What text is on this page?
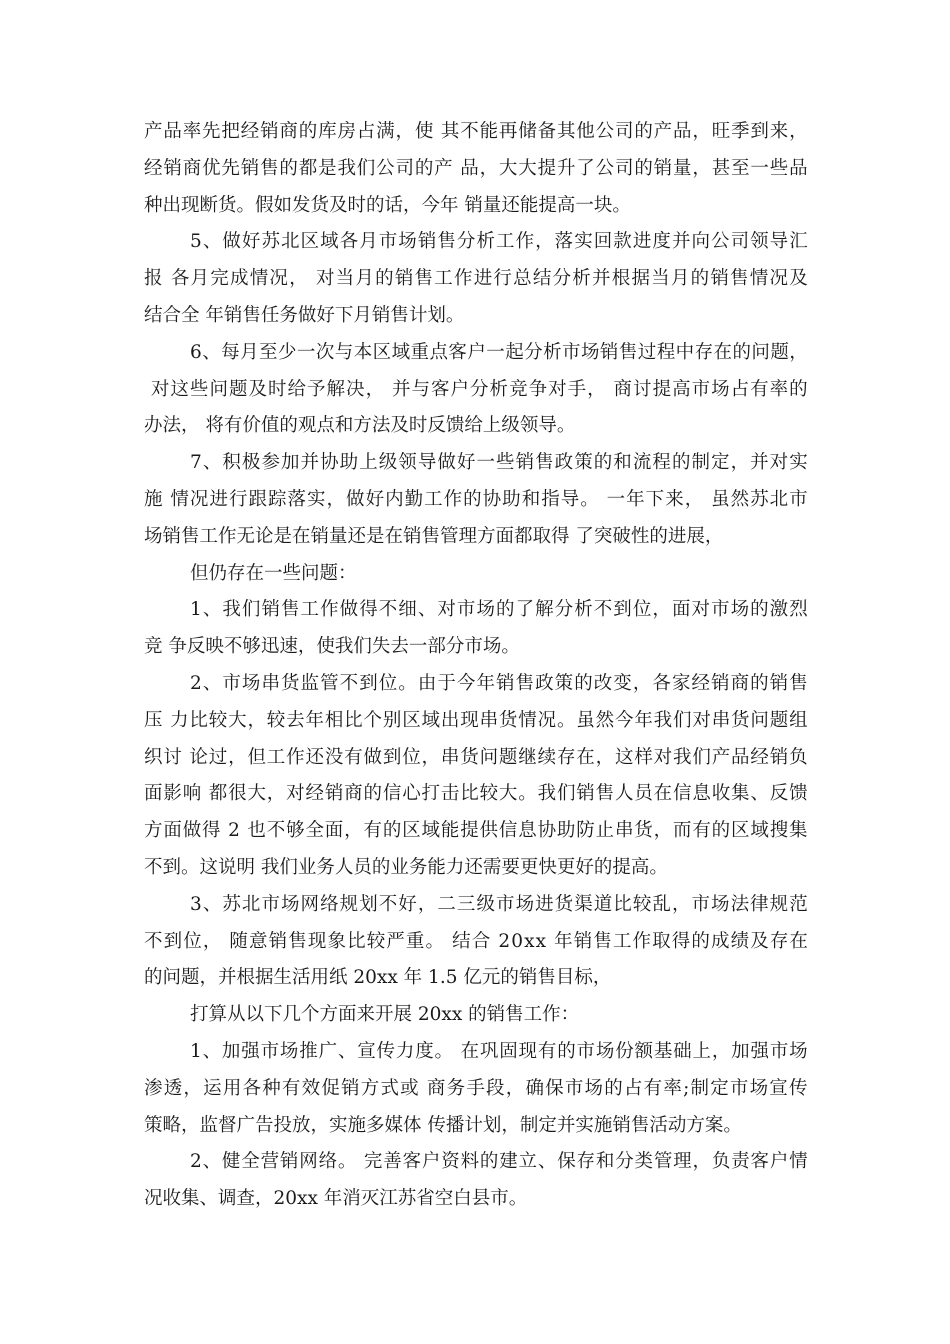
产 品 率 先 把 经 销 商 的 库 房 占 满 ， 使
其 不 能 再 储 备 其 他 公 司 的 产 品 ， 旺 季 到 来 ，
经 销 商 优 先 销 售 的 都 是 我 们 公 司 的 产
品 ， 大 大 提 升 了 公 司 的 销 量 ， 甚 至 一 些 品
种出现断货。假如发货及时的话，今年 销量还能提高一块。
5 、 做 好 苏 北 区 域 各 月 市 场 销 售 分 析 工 作 ， 落 实 回 款 进 度 并 向 公 司 领 导 汇
报
各 月 完 成 情 况 ，
对 当 月 的 销 售 工 作 进 行 总 结 分 析 并 根 据 当 月 的 销 售 情 况 及
结合全 年销售任务做好下月销售计划。
6 、 每 月 至 少 一 次 与 本 区 域 重 点 客 户 一 起 分 析 市 场 销 售 过 程 中 存 在 的 问 题 ，

对 这 些 问 题 及 时 给 予 解 决 ，
并 与 客 户 分 析 竞 争 对 手 ，
商 讨 提 高 市 场 占 有 率 的
办法， 将有价值的观点和方法及时反馈给上级领导。
7 、 积 极 参 加 并 协 助 上 级 领 导 做 好 一 些 销 售 政 策 的 和 流 程 的 制 定 ， 并 对 实
施
情 况 进 行 跟 踪 落 实 ， 做 好 内 勤 工 作 的 协 助 和 指 导 。
一 年 下 来 ，
虽 然 苏 北 市
场销售工作无论是在销量还是在销售管理方面都取得 了突破性的进展，
但仍存在一些问题：
1 、 我 们 销 售 工 作 做 得 不 细 、 对 市 场 的 了 解 分 析 不 到 位 ， 面 对 市 场 的 激 烈
竞 争反映不够迅速，使我们失去一部分市场。
2 、 市 场 串 货 监 管 不 到 位 。 由 于 今 年 销 售 政 策 的 改 变 ， 各 家 经 销 商 的 销 售
压
力 比 较 大 ， 较 去 年 相 比 个 别 区 域 出 现 串 货 情 况 。 虽 然 今 年 我 们 对 串 货 问 题 组
织 讨
论 过 ， 但 工 作 还 没 有 做 到 位 ， 串 货 问 题 继 续 存 在 ， 这 样 对 我 们 产 品 经 销 负
面 影 响
都 很 大 ， 对 经 销 商 的 信 心 打 击 比 较 大 。 我 们 销 售 人 员 在 信 息 收 集 、 反 馈
方 面 做 得
2
也 不 够 全 面 ， 有 的 区 域 能 提 供 信 息 协 助 防 止 串 货 ， 而 有 的 区 域 搜 集
不到。这说明 我们业务人员的业务能力还需要更快更好的提高。
3 、 苏 北 市 场 网 络 规 划 不 好 ， 二 三 级 市 场 进 货 渠 道 比 较 乱 ， 市 场 法 律 规 范
不 到 位 ，
随 意 销 售 现 象 比 较 严 重 。
结 合
2 0 x x
年 销 售 工 作 取 得 的 成 绩 及 存 在
的问题，并根据生活用纸 20xx 年 1.5 亿元的销售目标，
打算从以下几个方面来开展 20xx 的销售工作：
1 、 加 强 市 场 推 广 、 宣 传 力 度 。
在 巩 固 现 有 的 市 场 份 额 基 础 上 ， 加 强 市 场
渗 透 ， 运 用 各 种 有 效 促 销 方 式 或
商 务 手 段 ， 确 保 市 场 的 占 有 率 ; 制 定 市 场 宣 传
策略，监督广告投放，实施多媒体 传播计划，制定并实施销售活动方案。
2 、 健 全 营 销 网 络 。
完 善 客 户 资 料 的 建 立 、 保 存 和 分 类 管 理 ， 负 责 客 户 情
况收集、调查，20xx 年消灭江苏省空白县市。
